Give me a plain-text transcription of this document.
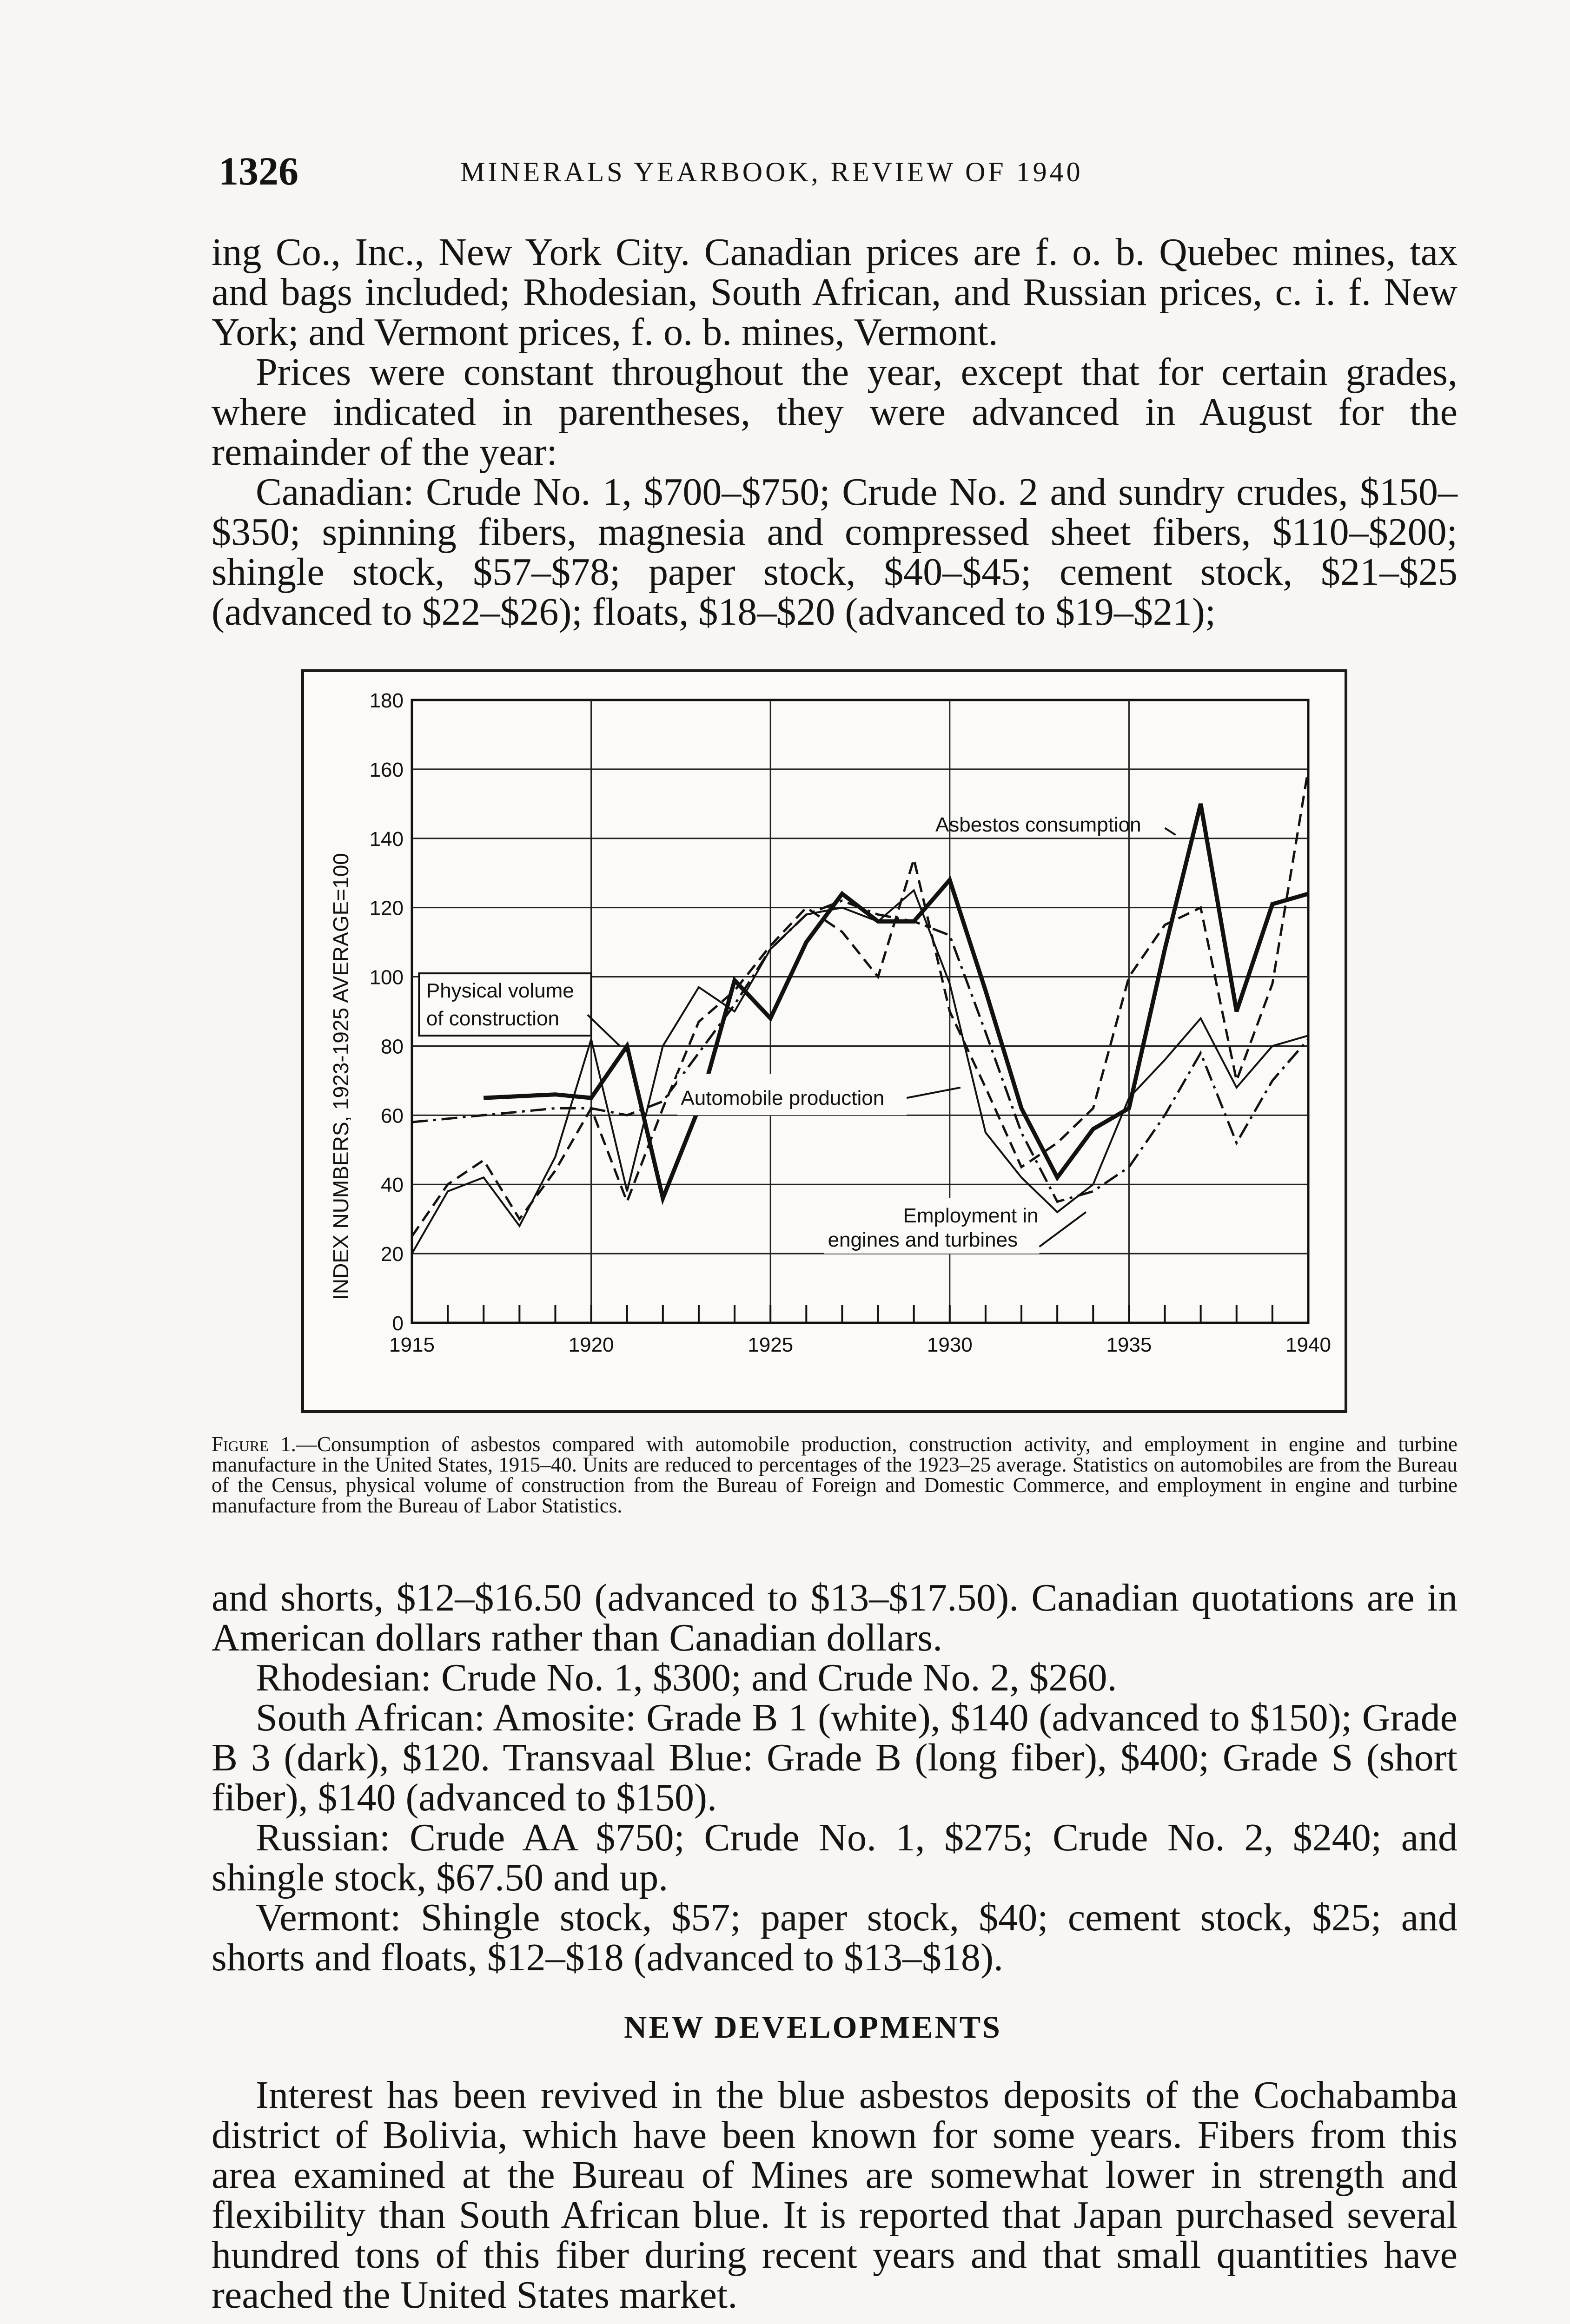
1326	MINERALS YEARBOOK, REVIEW OF 1940

ing Co., Inc., New York City. Canadian prices are f. o. b. Quebec mines, tax and bags included; Rhodesian, South African, and Russian prices, c. i. f. New York; and Vermont prices, f. o. b. mines, Vermont.

Prices were constant throughout the year, except that for certain grades, where indicated in parentheses, they were advanced in August for the remainder of the year:

Canadian: Crude No. 1, $700–$750; Crude No. 2 and sundry crudes, $150–$350; spinning fibers, magnesia and compressed sheet fibers, $110–$200; shingle stock, $57–$78; paper stock, $40–$45; cement stock, $21–$25 (advanced to $22–$26); floats, $18–$20 (advanced to $19–$21);

0
20
40
60
80
100
120
140
160
180
1915	1920	1925	1930	1935	1940
INDEX NUMBERS, 1923-1925 AVERAGE=100
Asbestos consumption
Physical volume
of construction
Automobile production
Employment in
engines and turbines
Figure 1.—Consumption of asbestos compared with automobile production, construction activity, and employment in engine and turbine manufacture in the United States, 1915–40. Units are reduced to percentages of the 1923–25 average. Statistics on automobiles are from the Bureau of the Census, physical volume of construction from the Bureau of Foreign and Domestic Commerce, and employment in engine and turbine manufacture from the Bureau of Labor Statistics.

and shorts, $12–$16.50 (advanced to $13–$17.50). Canadian quotations are in American dollars rather than Canadian dollars.

Rhodesian: Crude No. 1, $300; and Crude No. 2, $260.

South African: Amosite: Grade B 1 (white), $140 (advanced to $150); Grade B 3 (dark), $120. Transvaal Blue: Grade B (long fiber), $400; Grade S (short fiber), $140 (advanced to $150).

Russian: Crude AA $750; Crude No. 1, $275; Crude No. 2, $240; and shingle stock, $67.50 and up.

Vermont: Shingle stock, $57; paper stock, $40; cement stock, $25; and shorts and floats, $12–$18 (advanced to $13–$18).

NEW DEVELOPMENTS

Interest has been revived in the blue asbestos deposits of the Cochabamba district of Bolivia, which have been known for some years. Fibers from this area examined at the Bureau of Mines are somewhat lower in strength and flexibility than South African blue. It is reported that Japan purchased several hundred tons of this fiber during recent years and that small quantities have reached the United States market.
